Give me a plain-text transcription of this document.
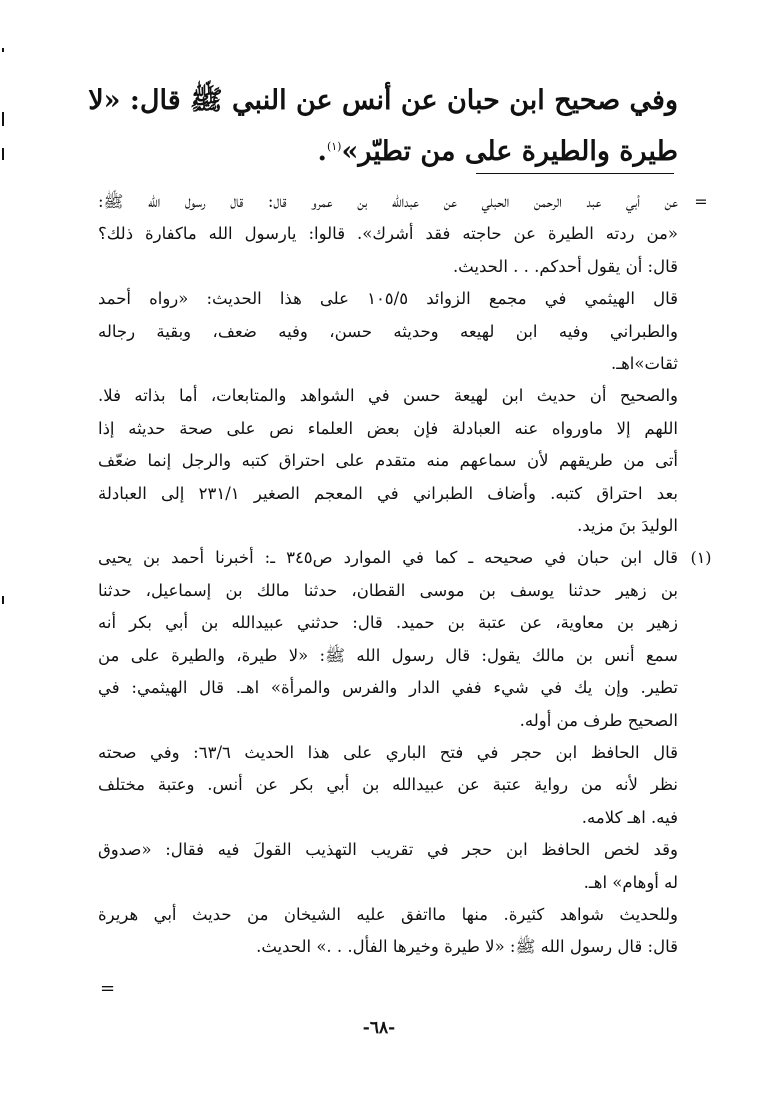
وفي صحيح ابن حبان عن أنس عن النبي ﷺ قال: «لا
طيرة والطيرة على من تطيّر»$^{(١)}$.
=
عن أبي عبد الرحمن الحبلي عن عبدالله بن عمرو قال: قال رسول الله ﷺ:
«من ردته الطيرة عن حاجته فقد أشرك». قالوا: يارسول الله ماكفارة ذلك؟
قال: أن يقول أحدكم. . . الحديث.
قال الهيثمي في مجمع الزوائد ١٠٥/٥ على هذا الحديث: «رواه أحمد
والطبراني وفيه ابن لهيعه وحديثه حسن، وفيه ضعف، وبقية رجاله
ثقات»اهـ.
والصحيح أن حديث ابن لهيعة حسن في الشواهد والمتابعات، أما بذاته فلا.
اللهم إلا ماورواه عنه العبادلة فإن بعض العلماء نص على صحة حديثه إذا
أتى من طريقهم لأن سماعهم منه متقدم على احتراق كتبه والرجل إنما ضعّف
بعد احتراق كتبه. وأضاف الطبراني في المعجم الصغير ٢٣١/١ إلى العبادلة
الوليدَ بنَ مزيد.
(١)
قال ابن حبان في صحيحه ـ كما في الموارد ص٣٤٥ ـ: أخبرنا أحمد بن يحيى
بن زهير حدثنا يوسف بن موسى القطان، حدثنا مالك بن إسماعيل، حدثنا
زهير بن معاوية، عن عتبة بن حميد. قال: حدثني عبيدالله بن أبي بكر أنه
سمع أنس بن مالك يقول: قال رسول الله ﷺ: «لا طيرة، والطيرة على من
تطير. وإن يك في شيء ففي الدار والفرس والمرأة» اهـ. قال الهيثمي: في
الصحيح طرف من أوله.
قال الحافظ ابن حجر في فتح الباري على هذا الحديث ٦٣/٦: وفي صحته
نظر لأنه من رواية عتبة عن عبيدالله بن أبي بكر عن أنس. وعتبة مختلف
فيه. اهـ كلامه.
وقد لخص الحافظ ابن حجر في تقريب التهذيب القولَ فيه فقال: «صدوق
له أوهام» اهـ.
وللحديث شواهد كثيرة. منها مااتفق عليه الشيخان من حديث أبي هريرة
قال: قال رسول الله ﷺ: «لا طيرة وخيرها الفأل. . .» الحديث.
=
-٦٨-
